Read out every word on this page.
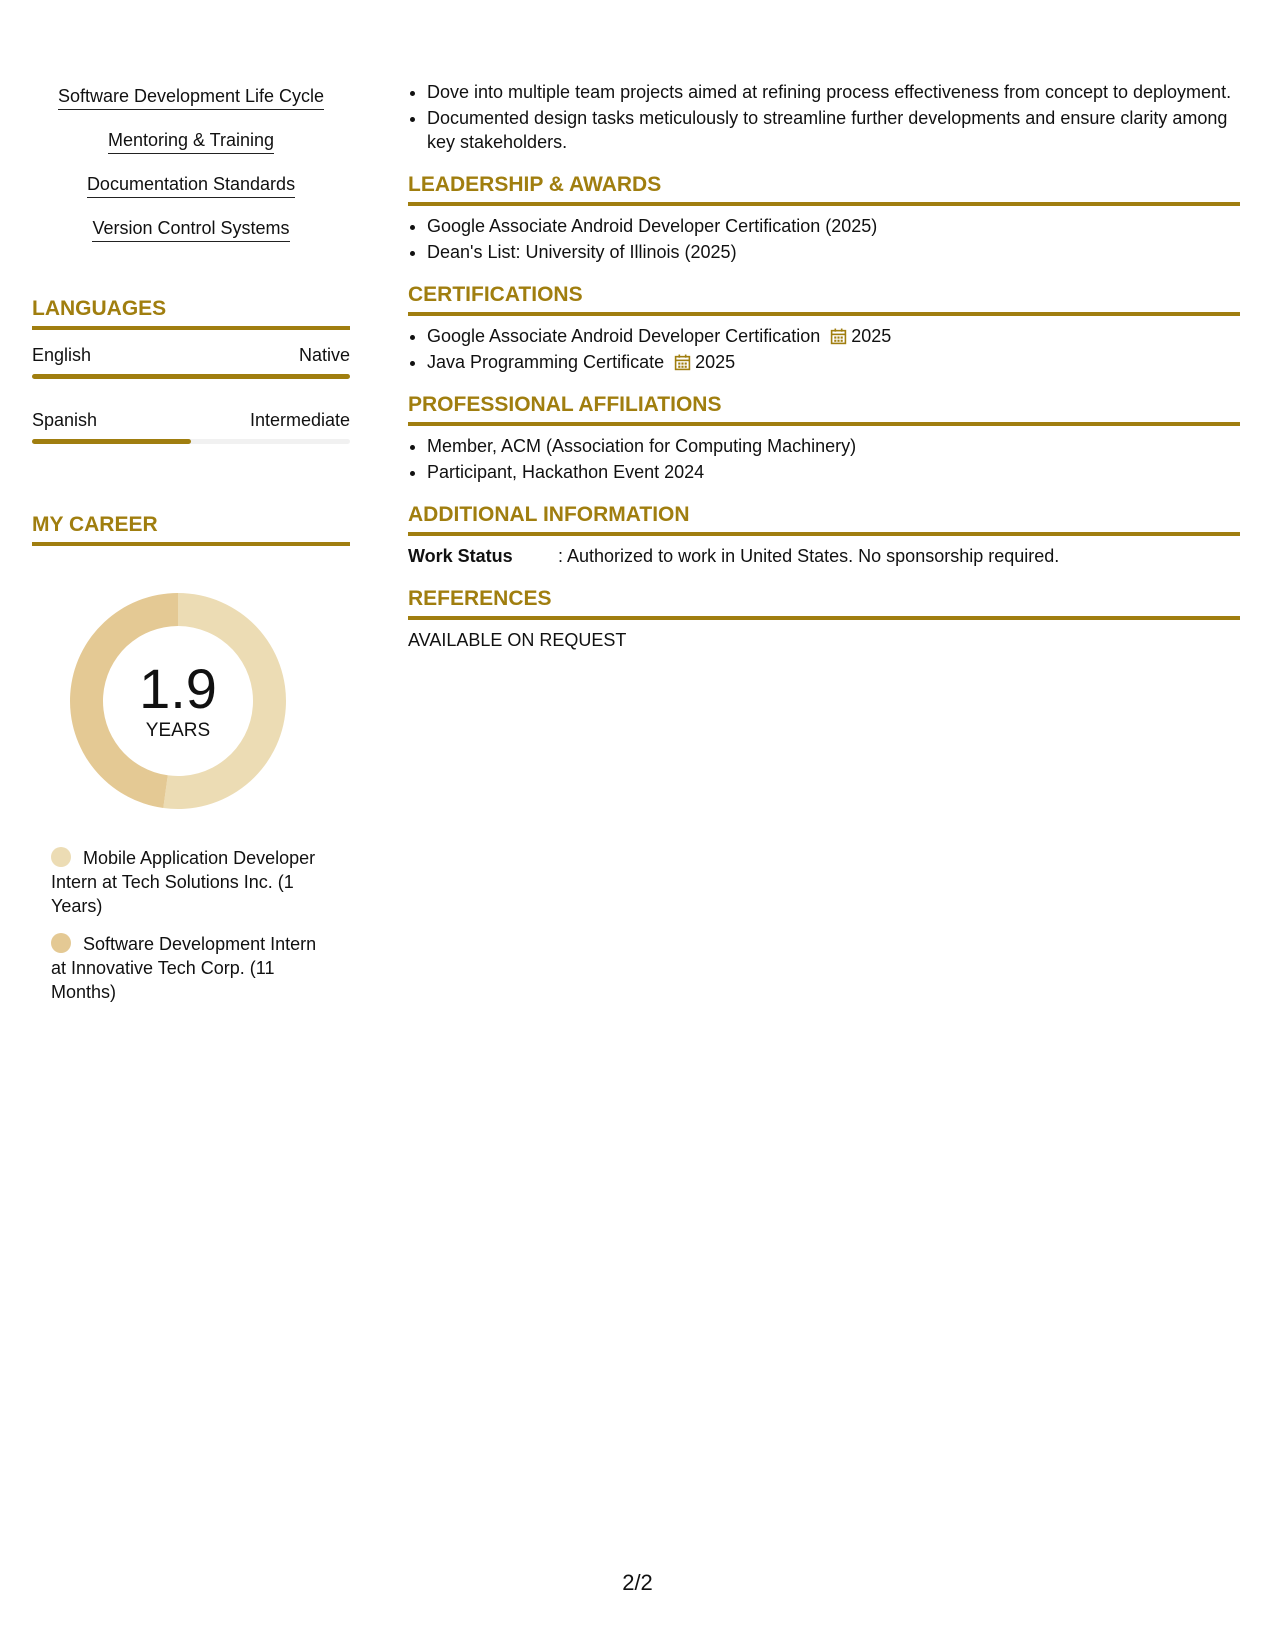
Software Development Life Cycle
Mentoring & Training
Documentation Standards
Version Control Systems
LANGUAGES
English	Native
Spanish	Intermediate
MY CAREER
1.9
YEARS
Mobile Application Developer Intern at Tech Solutions Inc. (1 Years)
Software Development Intern at Innovative Tech Corp. (11 Months)
• Dove into multiple team projects aimed at refining process effectiveness from concept to deployment.
• Documented design tasks meticulously to streamline further developments and ensure clarity among key stakeholders.
LEADERSHIP & AWARDS
• Google Associate Android Developer Certification (2025)
• Dean's List: University of Illinois (2025)
CERTIFICATIONS
• Google Associate Android Developer Certification 2025
• Java Programming Certificate 2025
PROFESSIONAL AFFILIATIONS
• Member, ACM (Association for Computing Machinery)
• Participant, Hackathon Event 2024
ADDITIONAL INFORMATION
Work Status	: Authorized to work in United States. No sponsorship required.
REFERENCES
AVAILABLE ON REQUEST
2/2
